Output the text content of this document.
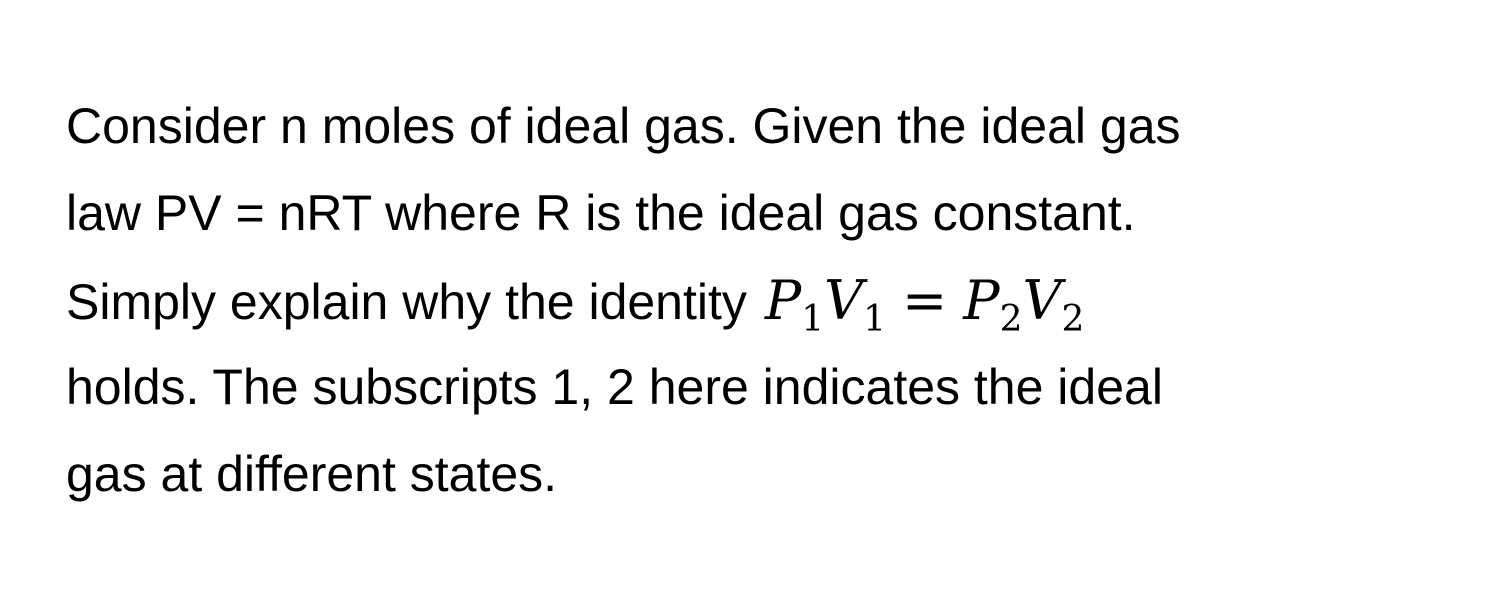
Consider n moles of ideal gas. Given the ideal gas
law PV = nRT where R is the ideal gas constant.
Simply explain why the identity $P_1V_1 = P_2V_2$
holds. The subscripts 1, 2 here indicates the ideal
gas at different states.
